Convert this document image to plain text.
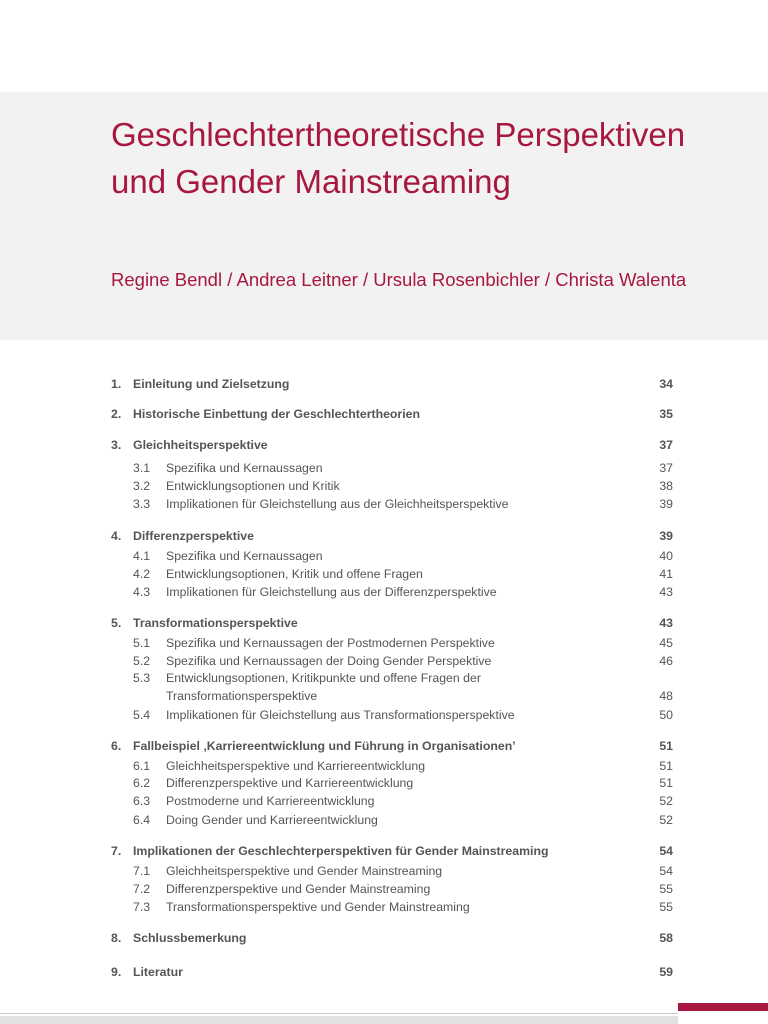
Geschlechtertheoretische Perspektiven und Gender Mainstreaming
Regine Bendl / Andrea Leitner / Ursula Rosenbichler / Christa Walenta
1. Einleitung und Zielsetzung	34
2. Historische Einbettung der Geschlechtertheorien	35
3. Gleichheitsperspektive	37
3.1 Spezifika und Kernaussagen	37
3.2 Entwicklungsoptionen und Kritik	38
3.3 Implikationen für Gleichstellung aus der Gleichheitsperspektive	39
4. Differenzperspektive	39
4.1 Spezifika und Kernaussagen	40
4.2 Entwicklungsoptionen, Kritik und offene Fragen	41
4.3 Implikationen für Gleichstellung aus der Differenzperspektive	43
5. Transformationsperspektive	43
5.1 Spezifika und Kernaussagen der Postmodernen Perspektive	45
5.2 Spezifika und Kernaussagen der Doing Gender Perspektive	46
5.3 Entwicklungsoptionen, Kritikpunkte und offene Fragen der
Transformationsperspektive	48
5.4 Implikationen für Gleichstellung aus Transformationsperspektive	50
6. Fallbeispiel ‚Karriereentwicklung und Führung in Organisationen’	51
6.1 Gleichheitsperspektive und Karriereentwicklung	51
6.2 Differenzperspektive und Karriereentwicklung	51
6.3 Postmoderne und Karriereentwicklung	52
6.4 Doing Gender und Karriereentwicklung	52
7. Implikationen der Geschlechterperspektiven für Gender Mainstreaming	54
7.1 Gleichheitsperspektive und Gender Mainstreaming	54
7.2 Differenzperspektive und Gender Mainstreaming	55
7.3 Transformationsperspektive und Gender Mainstreaming	55
8. Schlussbemerkung	58
9. Literatur	59
